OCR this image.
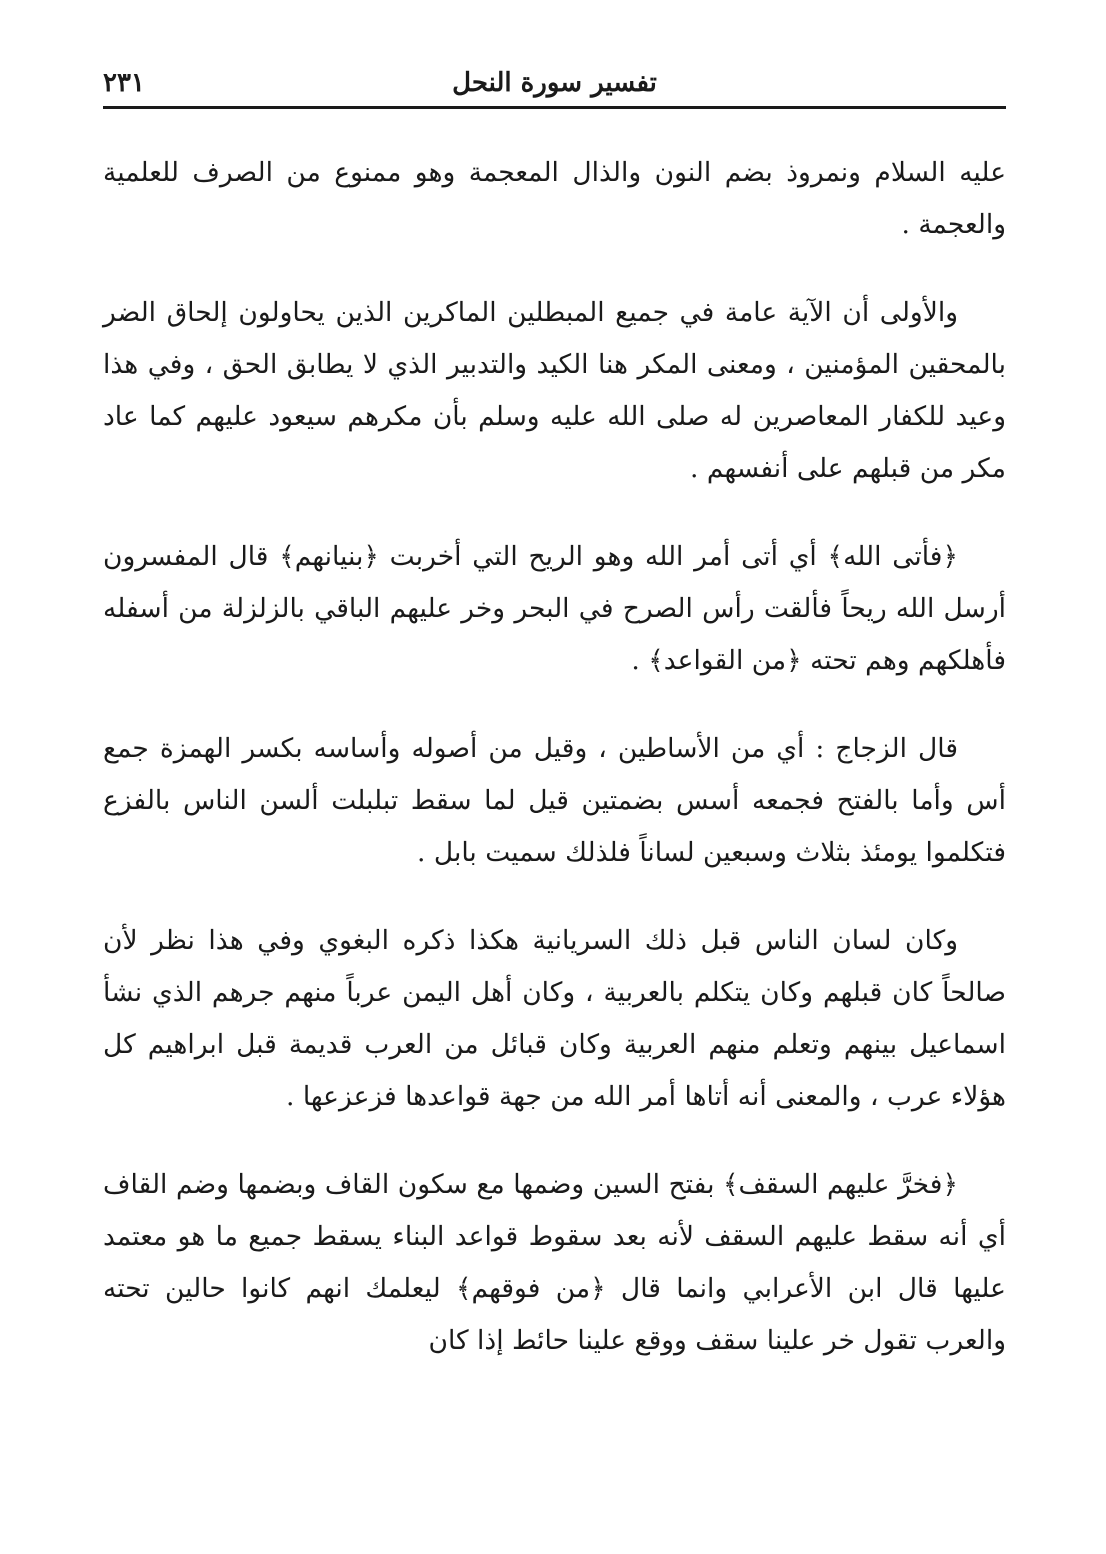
تفسير سورة النحل
٢٣١

عليه السلام ونمروذ بضم النون والذال المعجمة وهو ممنوع من الصرف للعلمية والعجمة .

والأولى أن الآية عامة في جميع المبطلين الماكرين الذين يحاولون إلحاق الضر بالمحقين المؤمنين ، ومعنى المكر هنا الكيد والتدبير الذي لا يطابق الحق ، وفي هذا وعيد للكفار المعاصرين له صلى الله عليه وسلم بأن مكرهم سيعود عليهم كما عاد مكر من قبلهم على أنفسهم .

﴿فأتى الله﴾ أي أتى أمر الله وهو الريح التي أخربت ﴿بنيانهم﴾ قال المفسرون أرسل الله ريحاً فألقت رأس الصرح في البحر وخر عليهم الباقي بالزلزلة من أسفله فأهلكهم وهم تحته ﴿من القواعد﴾ .

قال الزجاج : أي من الأساطين ، وقيل من أصوله وأساسه بكسر الهمزة جمع أس وأما بالفتح فجمعه أسس بضمتين قيل لما سقط تبلبلت ألسن الناس بالفزع فتكلموا يومئذ بثلاث وسبعين لساناً فلذلك سميت بابل .

وكان لسان الناس قبل ذلك السريانية هكذا ذكره البغوي وفي هذا نظر لأن صالحاً كان قبلهم وكان يتكلم بالعربية ، وكان أهل اليمن عرباً منهم جرهم الذي نشأ اسماعيل بينهم وتعلم منهم العربية وكان قبائل من العرب قديمة قبل ابراهيم كل هؤلاء عرب ، والمعنى أنه أتاها أمر الله من جهة قواعدها فزعزعها .

﴿فخرَّ عليهم السقف﴾ بفتح السين وضمها مع سكون القاف وبضمها وضم القاف أي أنه سقط عليهم السقف لأنه بعد سقوط قواعد البناء يسقط جميع ما هو معتمد عليها قال ابن الأعرابي وانما قال ﴿من فوقهم﴾ ليعلمك انهم كانوا حالين تحته والعرب تقول خر علينا سقف ووقع علينا حائط إذا كان
